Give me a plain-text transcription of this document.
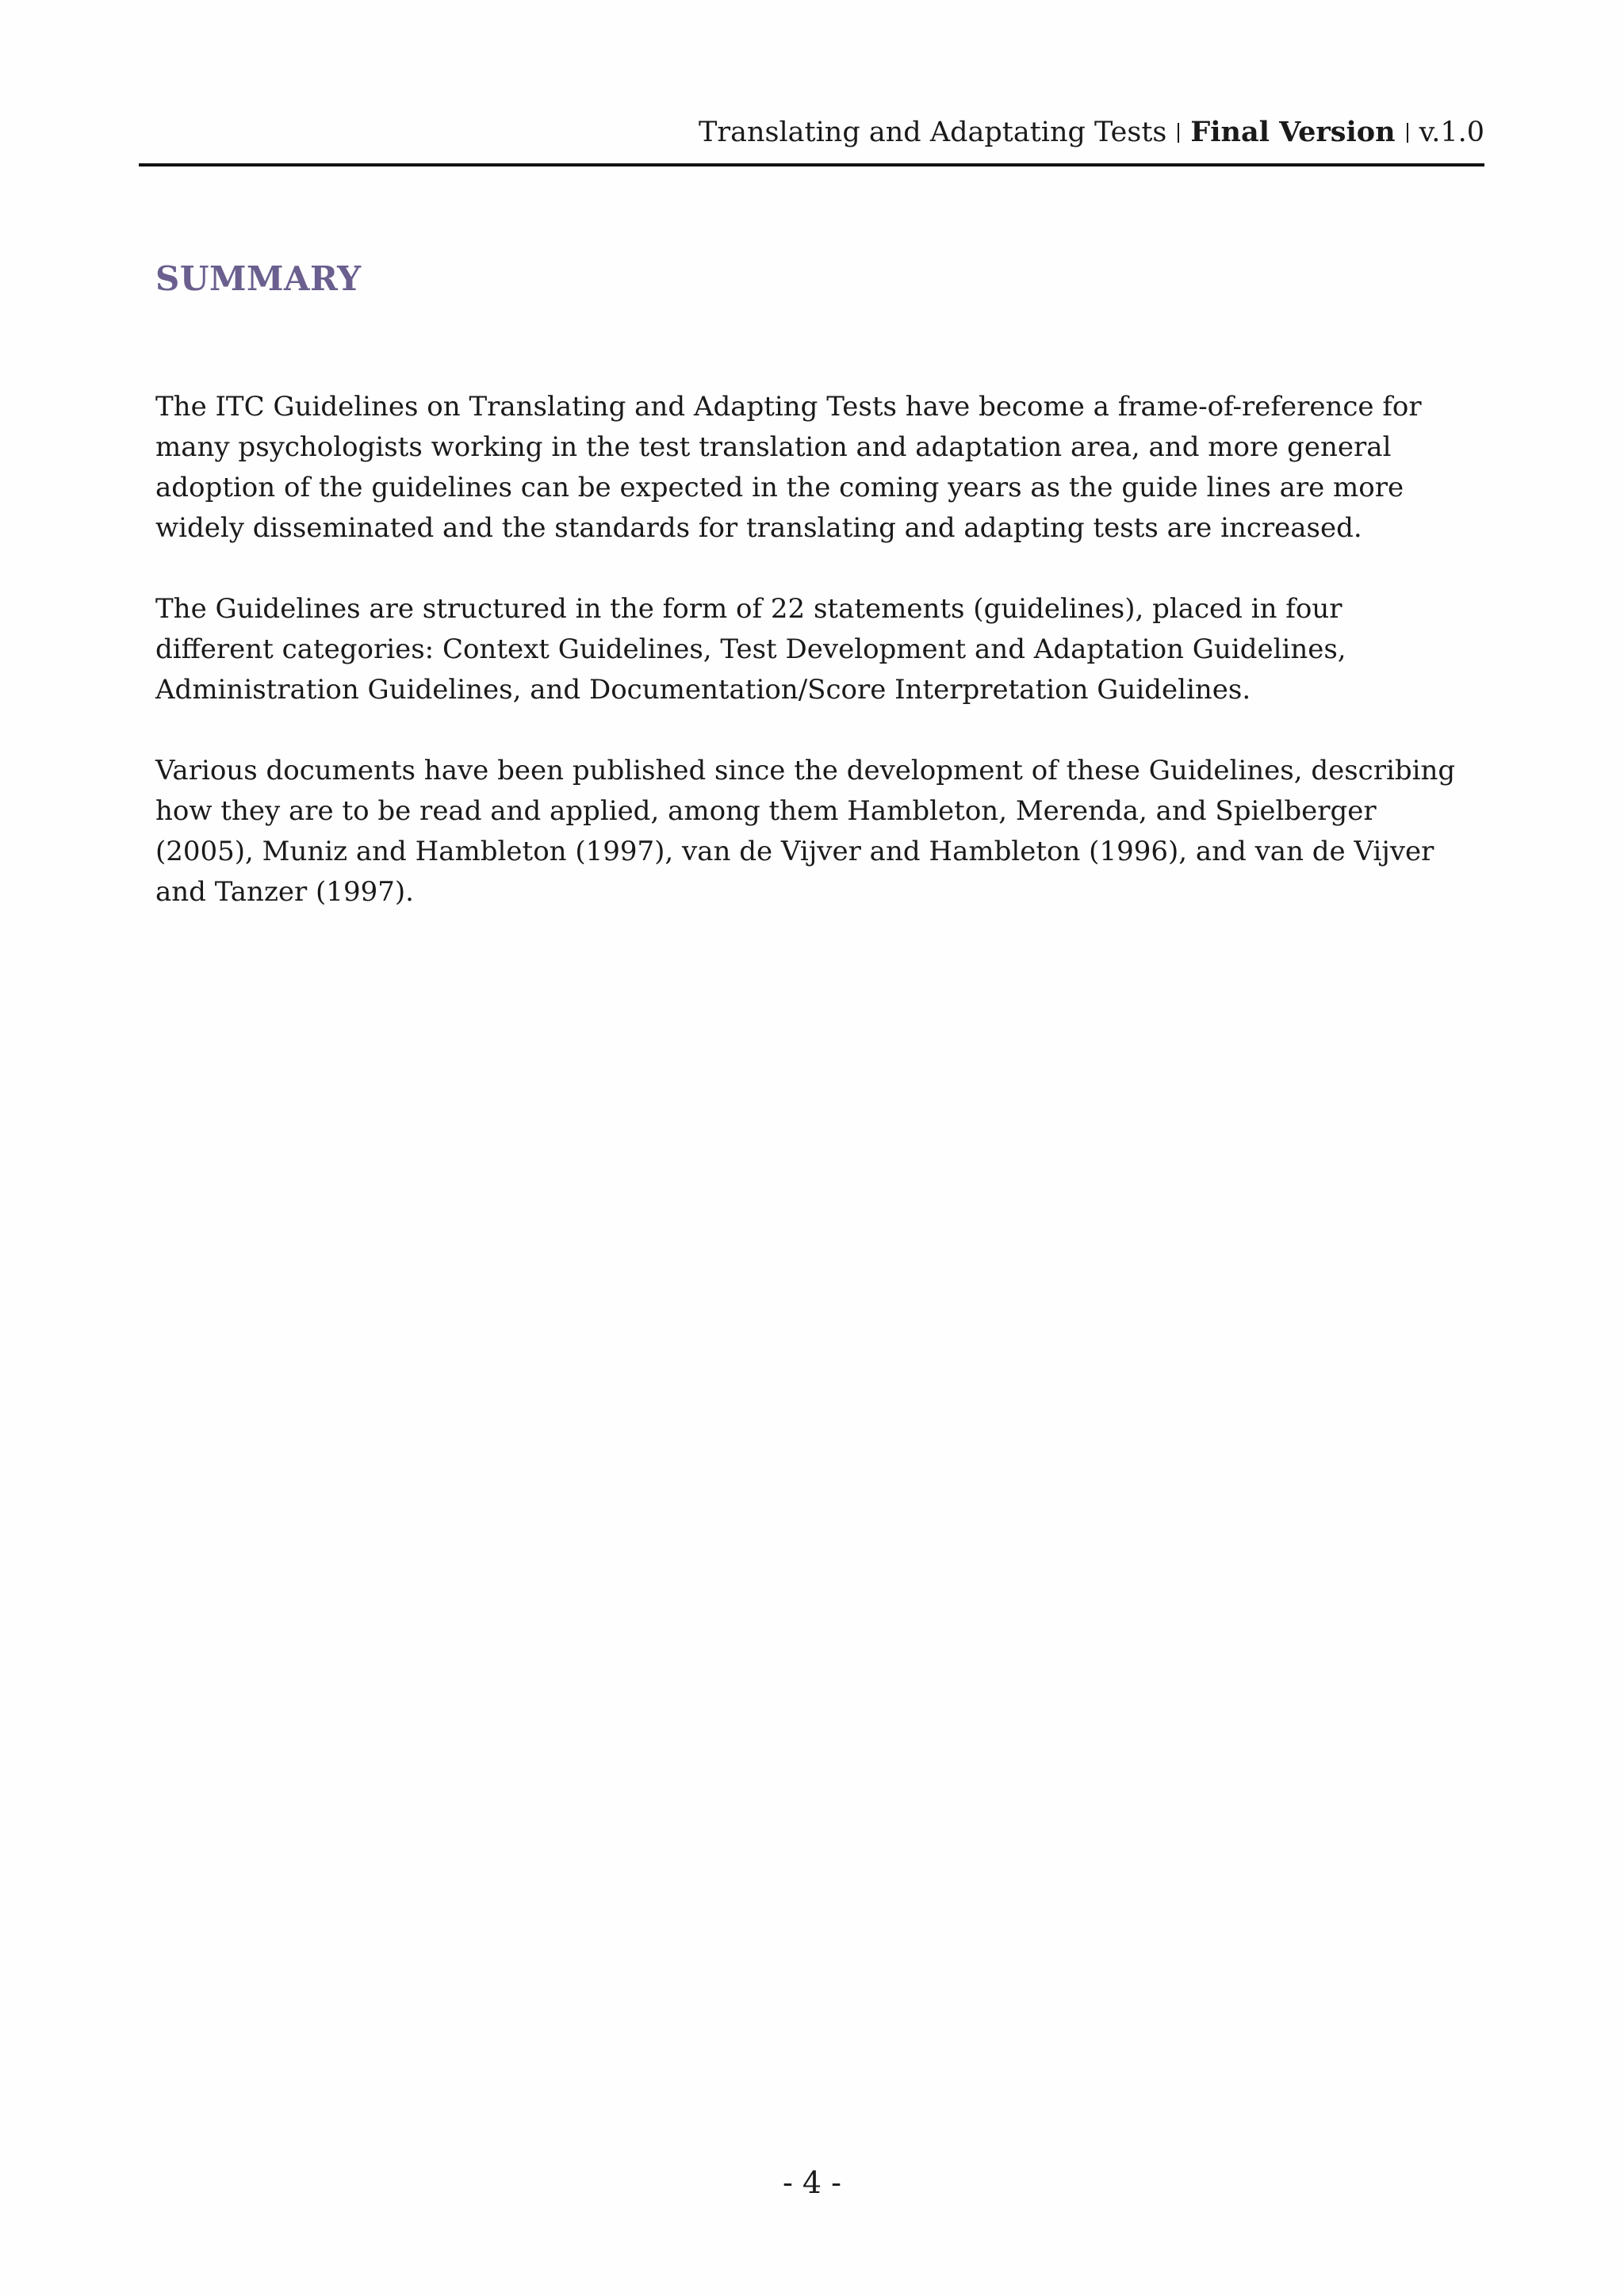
Translating and Adaptating Tests Final Version v.1.0
SUMMARY

The ITC Guidelines on Translating and Adapting Tests have become a frame-of-reference for many psychologists working in the test translation and adaptation area, and more general adoption of the guidelines can be expected in the coming years as the guide lines are more widely disseminated and the standards for translating and adapting tests are increased.

The Guidelines are structured in the form of 22 statements (guidelines), placed in four different categories: Context Guidelines, Test Development and Adaptation Guidelines, Administration Guidelines, and Documentation/Score Interpretation Guidelines.

Various documents have been published since the development of these Guidelines, describing how they are to be read and applied, among them Hambleton, Merenda, and Spielberger (2005), Muniz and Hambleton (1997), van de Vijver and Hambleton (1996), and van de Vijver and Tanzer (1997).

- 4 -
